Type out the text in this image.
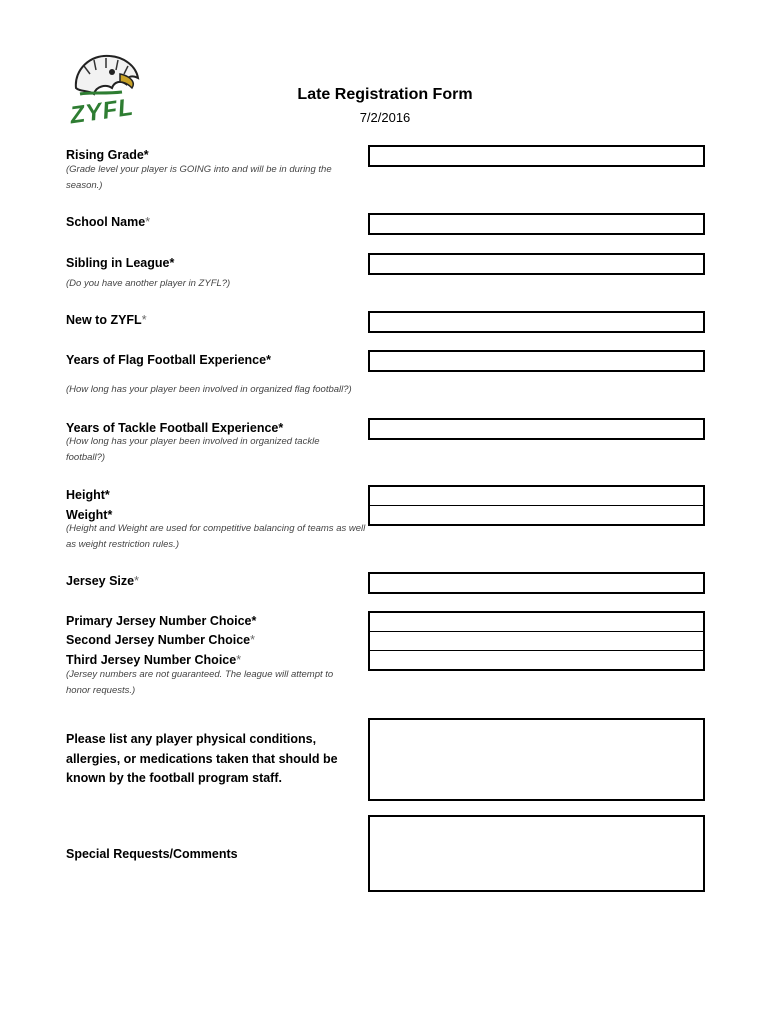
ZYFL	Late Registration Form
7/2/2016
Rising Grade*
(Grade level your player is GOING into and will be in during the season.)
School Name*
Sibling in League*
(Do you have another player in ZYFL?)
New to ZYFL*
Years of Flag Football Experience*
(How long has your player been involved in organized flag football?)
Years of Tackle Football Experience*
(How long has your player been involved in organized tackle football?)
Height*
Weight*
(Height and Weight are used for competitive balancing of teams as well as weight restriction rules.)
Jersey Size*
Primary Jersey Number Choice*
Second Jersey Number Choice*
Third Jersey Number Choice*
(Jersey numbers are not guaranteed. The league will attempt to honor requests.)
Please list any player physical conditions, allergies, or medications taken that should be known by the football program staff.
Special Requests/Comments
